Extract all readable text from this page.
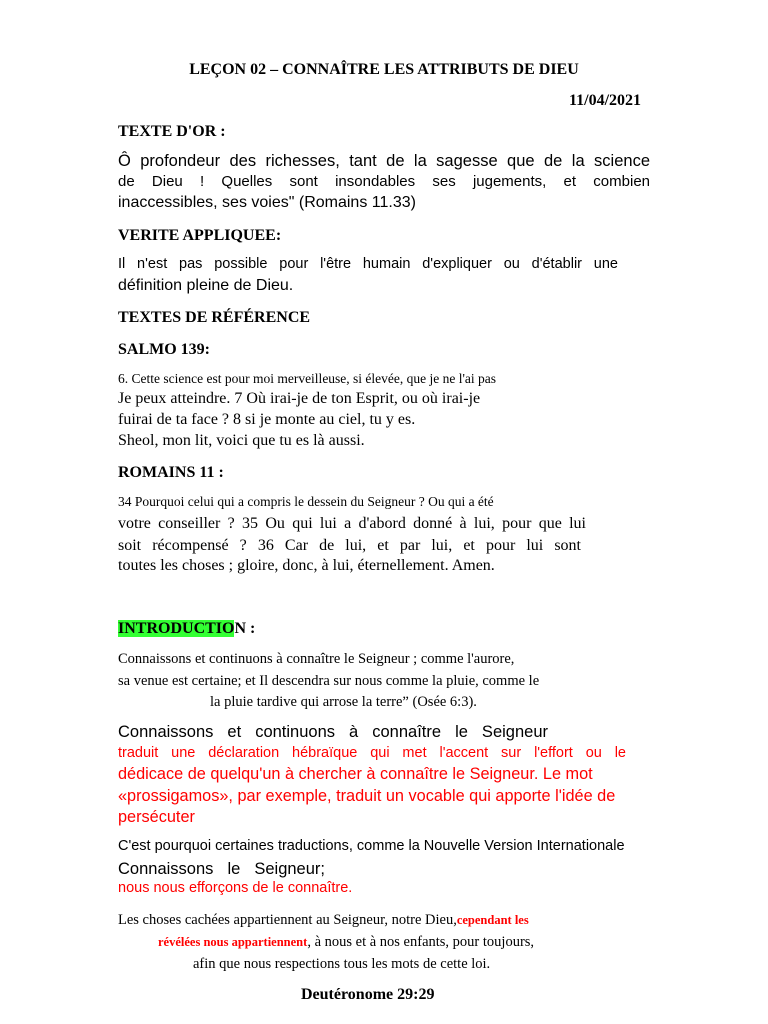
LEÇON 02 – CONNAÎTRE LES ATTRIBUTS DE DIEU
11/04/2021
TEXTE D'OR :
Ô profondeur des richesses, tant de la sagesse que de la science
de Dieu ! Quelles sont insondables ses jugements, et combien
inaccessibles, ses voies" (Romains 11.33)
VERITE APPLIQUEE:
Il n'est pas possible pour l'être humain d'expliquer ou d'établir une
définition pleine de Dieu.
TEXTES DE RÉFÉRENCE
SALMO 139:
6. Cette science est pour moi merveilleuse, si élevée, que je ne l'ai pas
Je peux atteindre. 7 Où irai-je de ton Esprit, ou où irai-je
fuirai de ta face ? 8 si je monte au ciel, tu y es.
Sheol, mon lit, voici que tu es là aussi.
ROMAINS 11 :
34 Pourquoi celui qui a compris le dessein du Seigneur ? Ou qui a été
votre conseiller ? 35 Ou qui lui a d'abord donné à lui, pour que lui
soit récompensé ? 36 Car de lui, et par lui, et pour lui sont
toutes les choses ; gloire, donc, à lui, éternellement. Amen.
INTRODUCTION :
Connaissons et continuons à connaître le Seigneur ; comme l'aurore,
sa venue est certaine; et Il descendra sur nous comme la pluie, comme le
la pluie tardive qui arrose la terre” (Osée 6:3).
Connaissons et continuons à connaître le Seigneur
traduit une déclaration hébraïque qui met l'accent sur l'effort ou le
dédicace de quelqu'un à chercher à connaître le Seigneur. Le mot
«prossigamos», par exemple, traduit un vocable qui apporte l'idée de
persécuter
C'est pourquoi certaines traductions, comme la Nouvelle Version Internationale
Connaissons le Seigneur;
nous nous efforçons de le connaître.
Les choses cachées appartiennent au Seigneur, notre Dieu,cependant les
révélées nous appartiennent, à nous et à nos enfants, pour toujours,
afin que nous respections tous les mots de cette loi.
Deutéronome 29:29
